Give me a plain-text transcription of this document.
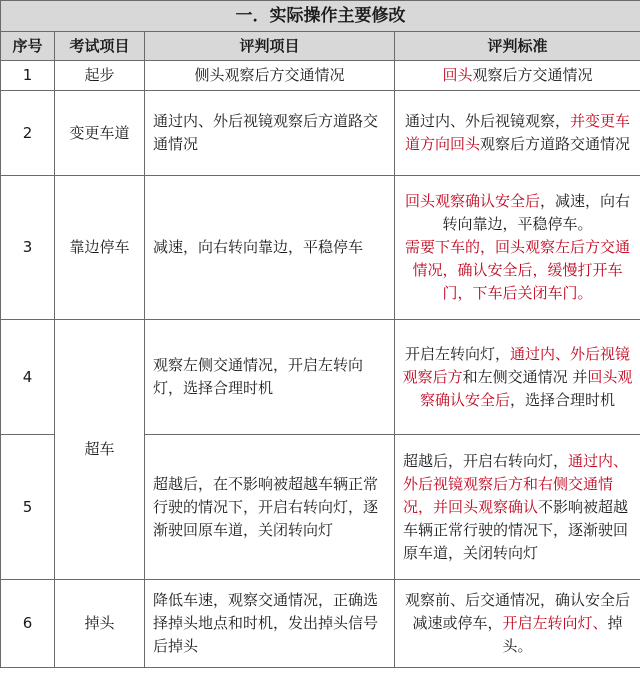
一．实际操作主要修改			
序号	考试项目	评判项目	评判标准
1	起步	侧头观察后方交通情况	回头观察后方交通情况
2	变更车道	通过内、外后视镜观察后方道路交通情况	通过内、外后视镜观察，并变更车道方向回头观察后方道路交通情况
3	靠边停车	减速，向右转向靠边，平稳停车	回头观察确认安全后，减速，向右转向靠边，平稳停车。
需要下车的，回头观察左后方交通情况，确认安全后，缓慢打开车门，下车后关闭车门。
4	超车	观察左侧交通情况，开启左转向灯，选择合理时机	开启左转向灯，通过内、外后视镜观察后方和左侧交通情况 并回头观察确认安全后，选择合理时机
5		超越后，在不影响被超越车辆正常行驶的情况下，开启右转向灯，逐渐驶回原车道，关闭转向灯	超越后，开启右转向灯，通过内、外后视镜观察后方和右侧交通情况，并回头观察确认不影响被超越车辆正常行驶的情况下，逐渐驶回原车道，关闭转向灯
6	掉头	降低车速，观察交通情况，正确选择掉头地点和时机，发出掉头信号后掉头	观察前、后交通情况，确认安全后减速或停车，开启左转向灯、掉头。
